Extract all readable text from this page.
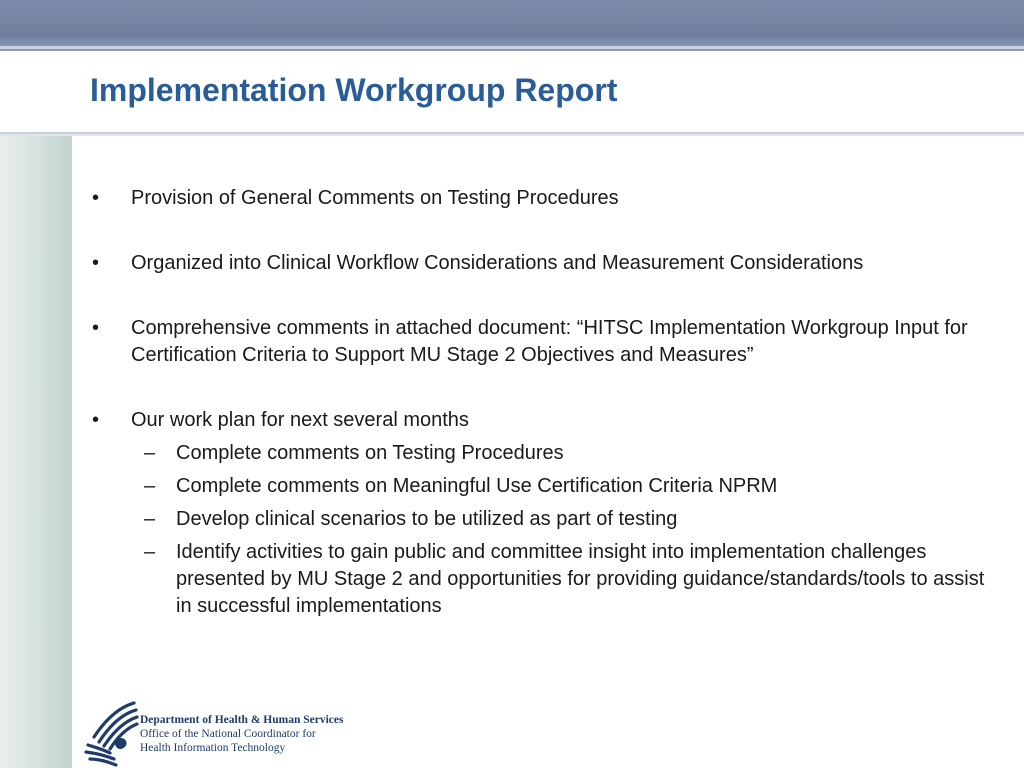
Implementation Workgroup Report
•	Provision of General Comments on Testing Procedures
•	Organized into Clinical Workflow Considerations and Measurement Considerations
•	Comprehensive comments in attached document: “HITSC Implementation Workgroup Input for Certification Criteria to Support MU Stage 2 Objectives and Measures”
•	Our work plan for next several months
– Complete comments on Testing Procedures
– Complete comments on Meaningful Use Certification Criteria NPRM
– Develop clinical scenarios to be utilized as part of testing
– Identify activities to gain public and committee insight into implementation challenges presented by MU Stage 2 and opportunities for providing guidance/standards/tools to assist in successful implementations
Department of Health & Human Services
Office of the National Coordinator for
Health Information Technology
